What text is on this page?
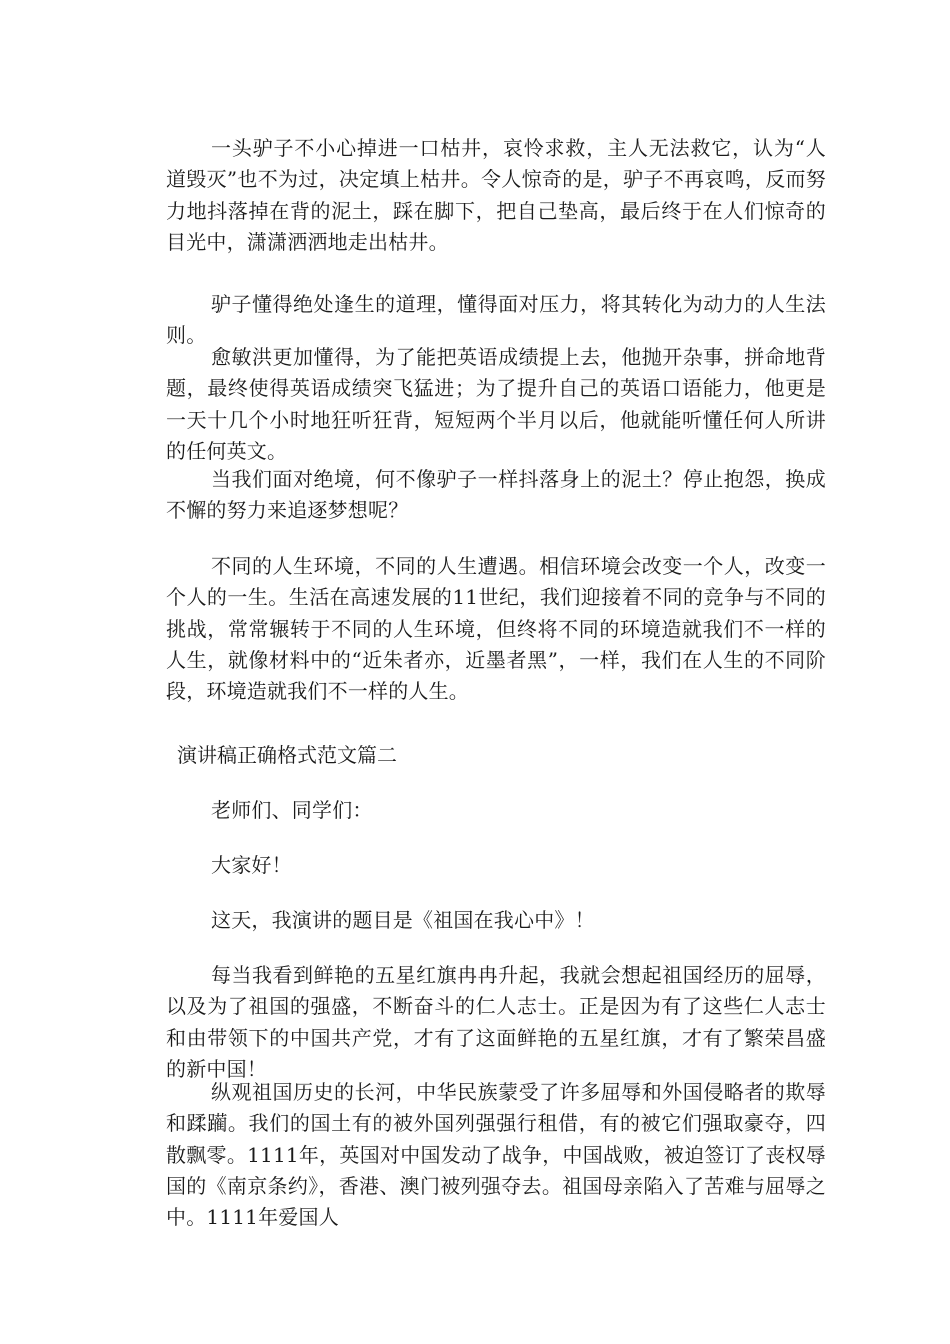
一头驴子不小心掉进一口枯井，哀怜求救，主人无法救它，认为“人道毁灭”也不为过，决定填上枯井。令人惊奇的是，驴子不再哀鸣，反而努力地抖落掉在背的泥土，踩在脚下，把自己垫高，最后终于在人们惊奇的目光中，潇潇洒洒地走出枯井。

驴子懂得绝处逢生的道理，懂得面对压力，将其转化为动力的人生法则。

愈敏洪更加懂得，为了能把英语成绩提上去，他抛开杂事，拼命地背题，最终使得英语成绩突飞猛进；为了提升自己的英语口语能力，他更是一天十几个小时地狂听狂背，短短两个半月以后，他就能听懂任何人所讲的任何英文。

当我们面对绝境，何不像驴子一样抖落身上的泥土？停止抱怨，换成不懈的努力来追逐梦想呢？

不同的人生环境，不同的人生遭遇。相信环境会改变一个人，改变一个人的一生。生活在高速发展的11世纪，我们迎接着不同的竞争与不同的挑战，常常辗转于不同的人生环境，但终将不同的环境造就我们不一样的人生，就像材料中的“近朱者亦，近墨者黑”，一样，我们在人生的不同阶段，环境造就我们不一样的人生。

演讲稿正确格式范文篇二

老师们、同学们：

大家好！

这天，我演讲的题目是《祖国在我心中》！

每当我看到鲜艳的五星红旗冉冉升起，我就会想起祖国经历的屈辱，以及为了祖国的强盛，不断奋斗的仁人志士。正是因为有了这些仁人志士和由带领下的中国共产党，才有了这面鲜艳的五星红旗，才有了繁荣昌盛的新中国！

纵观祖国历史的长河，中华民族蒙受了许多屈辱和外国侵略者的欺辱和蹂躏。我们的国土有的被外国列强强行租借，有的被它们强取豪夺，四散飘零。1111年，英国对中国发动了战争，中国战败，被迫签订了丧权辱国的《南京条约》，香港、澳门被列强夺去。祖国母亲陷入了苦难与屈辱之中。1111年爱国人
